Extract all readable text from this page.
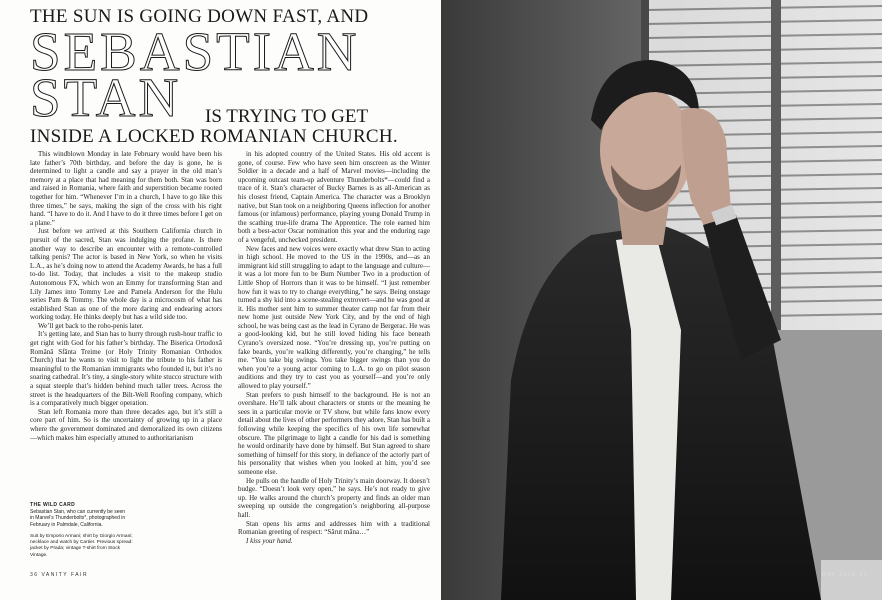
THE SUN IS GOING DOWN FAST, AND
SEBASTIAN
STAN IS TRYING TO GET
INSIDE A LOCKED ROMANIAN CHURCH.

This windblown Monday in late February would have been his late father’s 70th birthday, and before the day is gone, he is determined to light a candle and say a prayer in the old man’s memory at a place that had meaning for them both. Stan was born and raised in Romania, where faith and superstition became rooted together for him. “Whenever I’m in a church, I have to go like this three times,” he says, making the sign of the cross with his right hand. “I have to do it. And I have to do it three times before I get on a plane.”

Just before we arrived at this Southern California church in pursuit of the sacred, Stan was indulging the profane. Is there another way to describe an encounter with a remote-controlled talking penis? The actor is based in New York, so when he visits L.A., as he’s doing now to attend the Academy Awards, he has a full to-do list. Today, that includes a visit to the makeup studio Autonomous FX, which won an Emmy for transforming Stan and Lily James into Tommy Lee and Pamela Anderson for the Hulu series Pam & Tommy. The whole day is a microcosm of what has established Stan as one of the more daring and endearing actors working today. He thinks deeply but has a wild side too.

We’ll get back to the robo-penis later.

It’s getting late, and Stan has to hurry through rush-hour traffic to get right with God for his father’s birthday. The Biserica Ortodoxă Română Sfânta Treime (or Holy Trinity Romanian Orthodox Church) that he wants to visit to light the tribute to his father is meaningful to the Romanian immigrants who founded it, but it’s no soaring cathedral. It’s tiny, a single-story white stucco structure with a squat steeple that’s hidden behind much taller trees. Across the street is the headquarters of the Bilt-Well Roofing company, which is a comparatively much bigger operation.

Stan left Romania more than three decades ago, but it’s still a core part of him. So is the uncertainty of growing up in a place where the government dominated and demoralized its own citizens—which makes him especially attuned to authoritarianism

in his adopted country of the United States. His old accent is gone, of course. Few who have seen him onscreen as the Winter Soldier in a decade and a half of Marvel movies—including the upcoming outcast team-up adventure Thunderbolts*—could find a trace of it. Stan’s character of Bucky Barnes is as all-American as his closest friend, Captain America. The character was a Brooklyn native, but Stan took on a neighboring Queens inflection for another famous (or infamous) performance, playing young Donald Trump in the scathing true-life drama The Apprentice. The role earned him both a best-actor Oscar nomination this year and the enduring rage of a vengeful, unchecked president.

New faces and new voices were exactly what drew Stan to acting in high school. He moved to the US in the 1990s, and—as an immigrant kid still struggling to adapt to the language and culture—it was a lot more fun to be Bum Number Two in a production of Little Shop of Horrors than it was to be himself. “I just remember how fun it was to try to change everything,” he says. Being onstage turned a shy kid into a scene-stealing extrovert—and he was good at it. His mother sent him to summer theater camp not far from their new home just outside New York City, and by the end of high school, he was being cast as the lead in Cyrano de Bergerac. He was a good-looking kid, but he still loved hiding his face beneath Cyrano’s oversized nose. “You’re dressing up, you’re putting on fake beards, you’re walking differently, you’re changing,” he tells me. “You take big swings. You take bigger swings than you do when you’re a young actor coming to L.A. to go on pilot season auditions and they try to cast you as yourself—and you’re only allowed to play yourself.”

Stan prefers to push himself to the background. He is not an overshare. He’ll talk about characters or stunts or the meaning he sees in a particular movie or TV show, but while fans know every detail about the lives of other performers they adore, Stan has built a following while keeping the specifics of his own life somewhat obscure. The pilgrimage to light a candle for his dad is something he would ordinarily have done by himself. But Stan agreed to share something of himself for this story, in defiance of the actorly part of his personality that wishes when you looked at him, you’d see someone else.

He pulls on the handle of Holy Trinity’s main doorway. It doesn’t budge. “Doesn’t look very open,” he says. He’s not ready to give up. He walks around the church’s property and finds an older man sweeping up outside the congregation’s neighboring all-purpose hall.

Stan opens his arms and addresses him with a traditional Romanian greeting of respect: “Sărut mâna…”

I kiss your hand.

THE WILD CARD
Sebastian Stan, who can currently be seen in Marvel’s Thunderbolts*, photographed in February in Palmdale, California.
Suit by Emporio Armani; shirt by Giorgio Armani; necklace and watch by Cartier. Previous spread: jacket by Prada; vintage T-shirt from Stock Vintage.
36 VANITY FAIR	MAY 2025 37
